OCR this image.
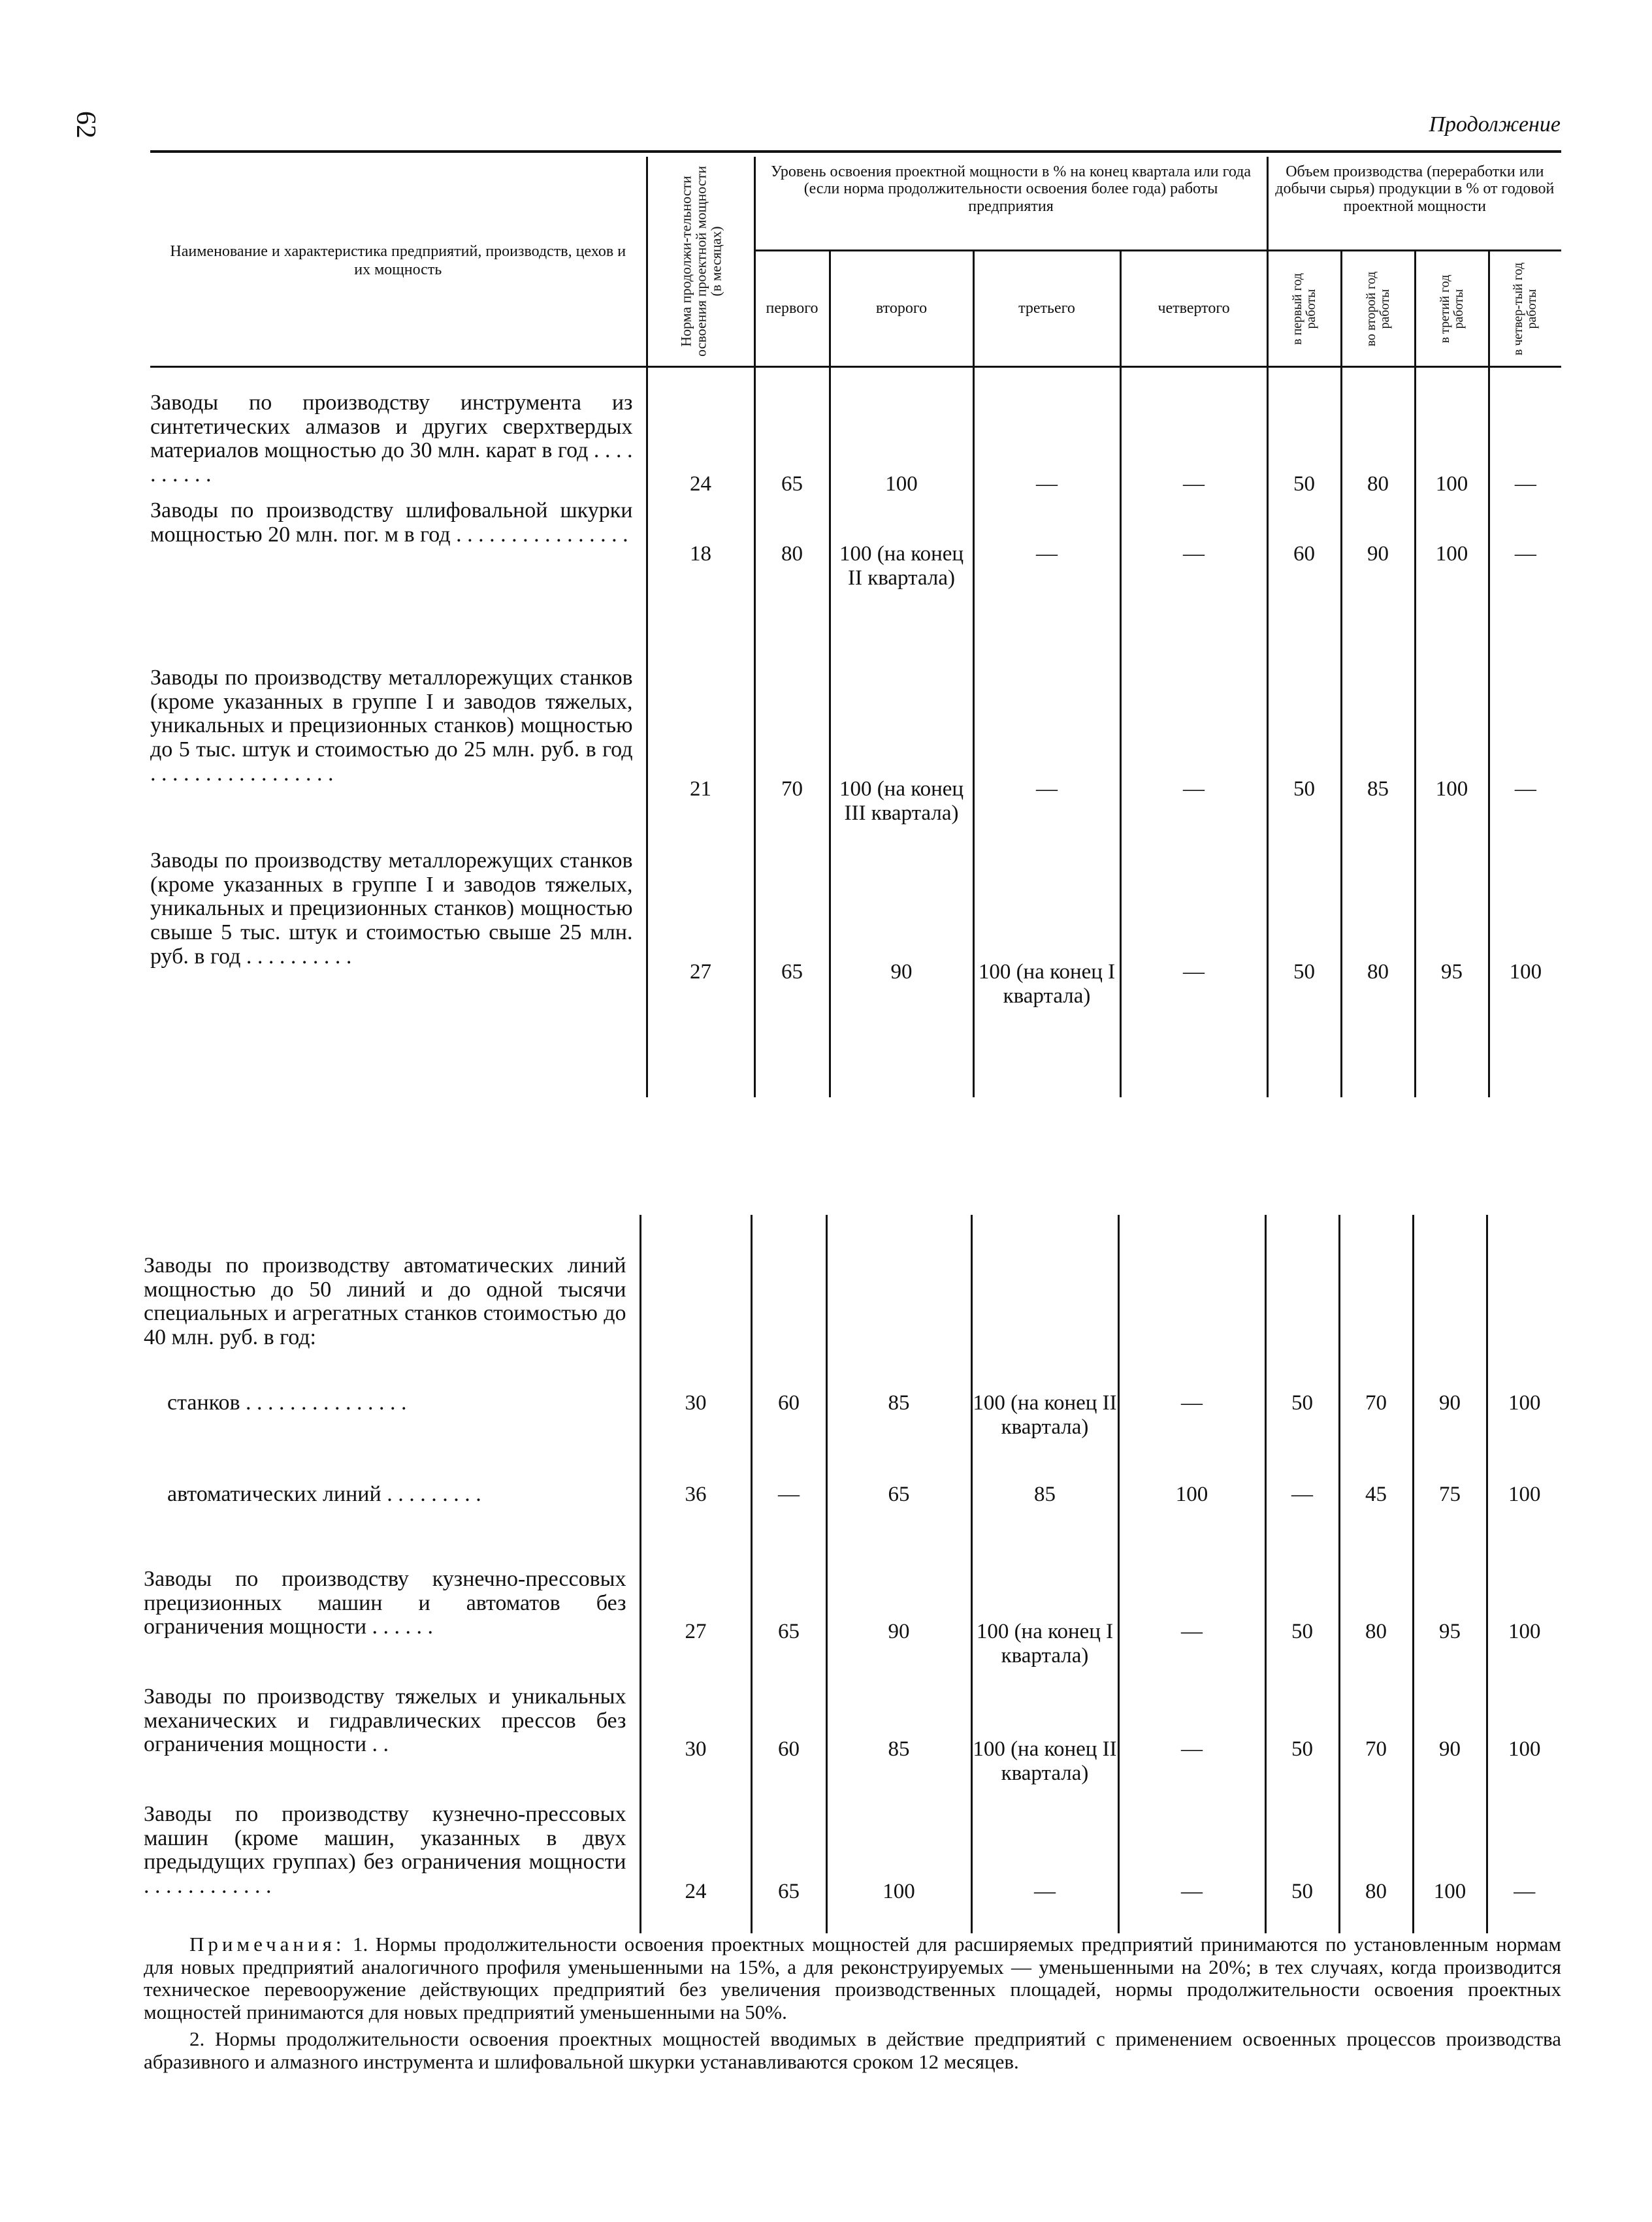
62	Продолжение
Наименование и характеристика предприятий, производств, цехов и их мощность	Норма продолжи-тельности освоения проектной мощности (в месяцах)	Уровень освоения проектной мощности в % на конец квартала или года (если норма продолжительности освоения более года) работы предприятия				Объем производства (переработки или добычи сырья) продукции в % от годовой проектной мощности			
		первого	второго	третьего	четвертого	в первый год работы	во второй год работы	в третий год работы	в четвер-тый год работы

Заводы по производству инструмента из синтетических алмазов и других сверхтвердых материалов мощностью до 30 млн. карат в год . . . . . . . . . .	24	65	100	—	—	50	80	100	—
Заводы по производству шлифовальной шкурки мощностью 20 млн. пог. м в год . . . . . . . . . . . . . . . .	18	80	100 (на конец II квартала)	—	—	60	90	100	—
Заводы по производству металлорежущих станков (кроме указанных в группе I и заводов тяжелых, уникальных и прецизионных станков) мощностью до 5 тыс. штук и стоимостью до 25 млн. руб. в год . . . . . . . . . . . . . . . . .	21	70	100 (на конец III квартала)	—	—	50	85	100	—
Заводы по производству металлорежущих станков (кроме указанных в группе I и заводов тяжелых, уникальных и прецизионных станков) мощностью свыше 5 тыс. штук и стоимостью свыше 25 млн. руб. в год . . . . . . . . . .	27	65	90	100 (на конец I квартала)	—	50	80	95	100
Заводы по производству автоматических линий мощностью до 50 линий и до одной тысячи специальных и агрегатных станков стоимостью до 40 млн. руб. в год:									

станков . . . . . . . . . . . . . . .	30	60	85	100 (на конец II квартала)	—	50	70	90	100

автоматических линий . . . . . . . . .	36	—	65	85	100	—	45	75	100
Заводы по производству кузнечно-прессовых прецизионных машин и автоматов без ограничения мощности . . . . . .	27	65	90	100 (на конец I квартала)	—	50	80	95	100
Заводы по производству тяжелых и уникальных механических и гидравлических прессов без ограничения мощности . .	30	60	85	100 (на конец II квартала)	—	50	70	90	100
Заводы по производству кузнечно-прессовых машин (кроме машин, указанных в двух предыдущих группах) без ограничения мощности . . . . . . . . . . . .	24	65	100	—	—	50	80	100	—

Примечания: 1. Нормы продолжительности освоения проектных мощностей для расширяемых предприятий принимаются по установленным нормам для новых предприятий аналогичного профиля уменьшенными на 15%, а для реконструируемых — уменьшенными на 20%; в тех случаях, когда производится техническое перевооружение действующих предприятий без увеличения производственных площадей, нормы продолжительности освоения проектных мощностей принимаются для новых предприятий уменьшенными на 50%.

2. Нормы продолжительности освоения проектных мощностей вводимых в действие предприятий с применением освоенных процессов производства абразивного и алмазного инструмента и шлифовальной шкурки устанавливаются сроком 12 месяцев.
